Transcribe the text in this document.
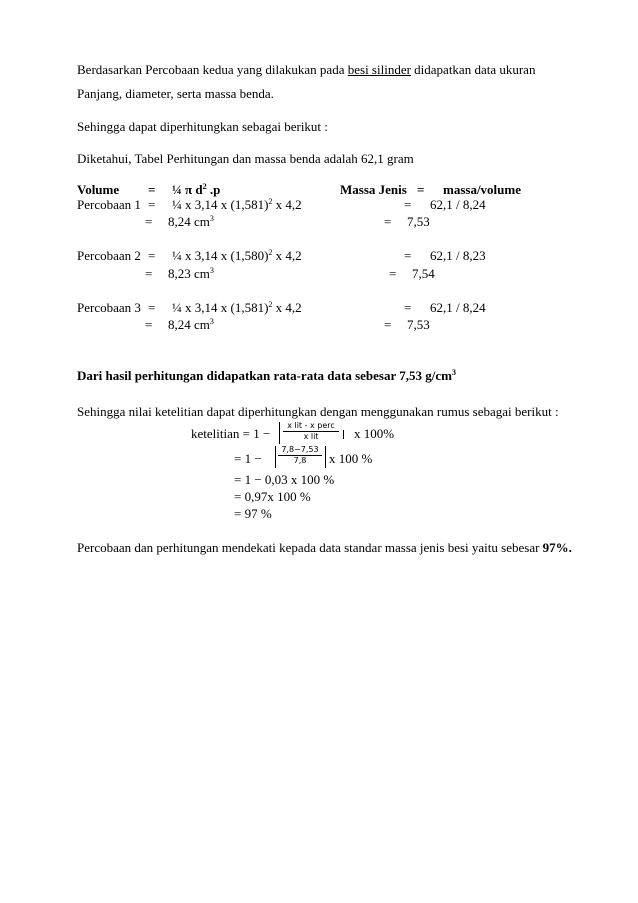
Berdasarkan Percobaan kedua yang dilakukan pada besi silinder didapatkan data ukuran
Panjang, diameter, serta massa benda.
Sehingga dapat diperhitungkan sebagai berikut :
Diketahui, Tabel Perhitungan dan massa benda adalah 62,1 gram
Volume = ¼ π $d^2$ .p	Massa Jenis = massa/volume
Percobaan 1 = ¼ x 3,14 x $(1,581)^2$ x 4,2	= 62,1 / 8,24
= 8,24 $cm^3$	= 7,53
Percobaan 2 = ¼ x 3,14 x $(1,580)^2$ x 4,2	= 62,1 / 8,23
= 8,23 $cm^3$	= 7,54
Percobaan 3 = ¼ x 3,14 x $(1,581)^2$ x 4,2	= 62,1 / 8,24
= 8,24 $cm^3$	= 7,53
Dari hasil perhitungan didapatkan rata-rata data sebesar 7,53 $g/cm^3$
Sehingga nilai ketelitian dapat diperhitungkan dengan menggunakan rumus sebagai berikut :
ketelitian = 1 −
x lit - x perc
x lit	x 100%
= $1 - \frac{7,8-7,53}{7,8}$ x 100 %
= 1 − 0,03 x 100 %
= 0,97x 100 %
= 97 %
Percobaan dan perhitungan mendekati kepada data standar massa jenis besi yaitu sebesar 97%.
